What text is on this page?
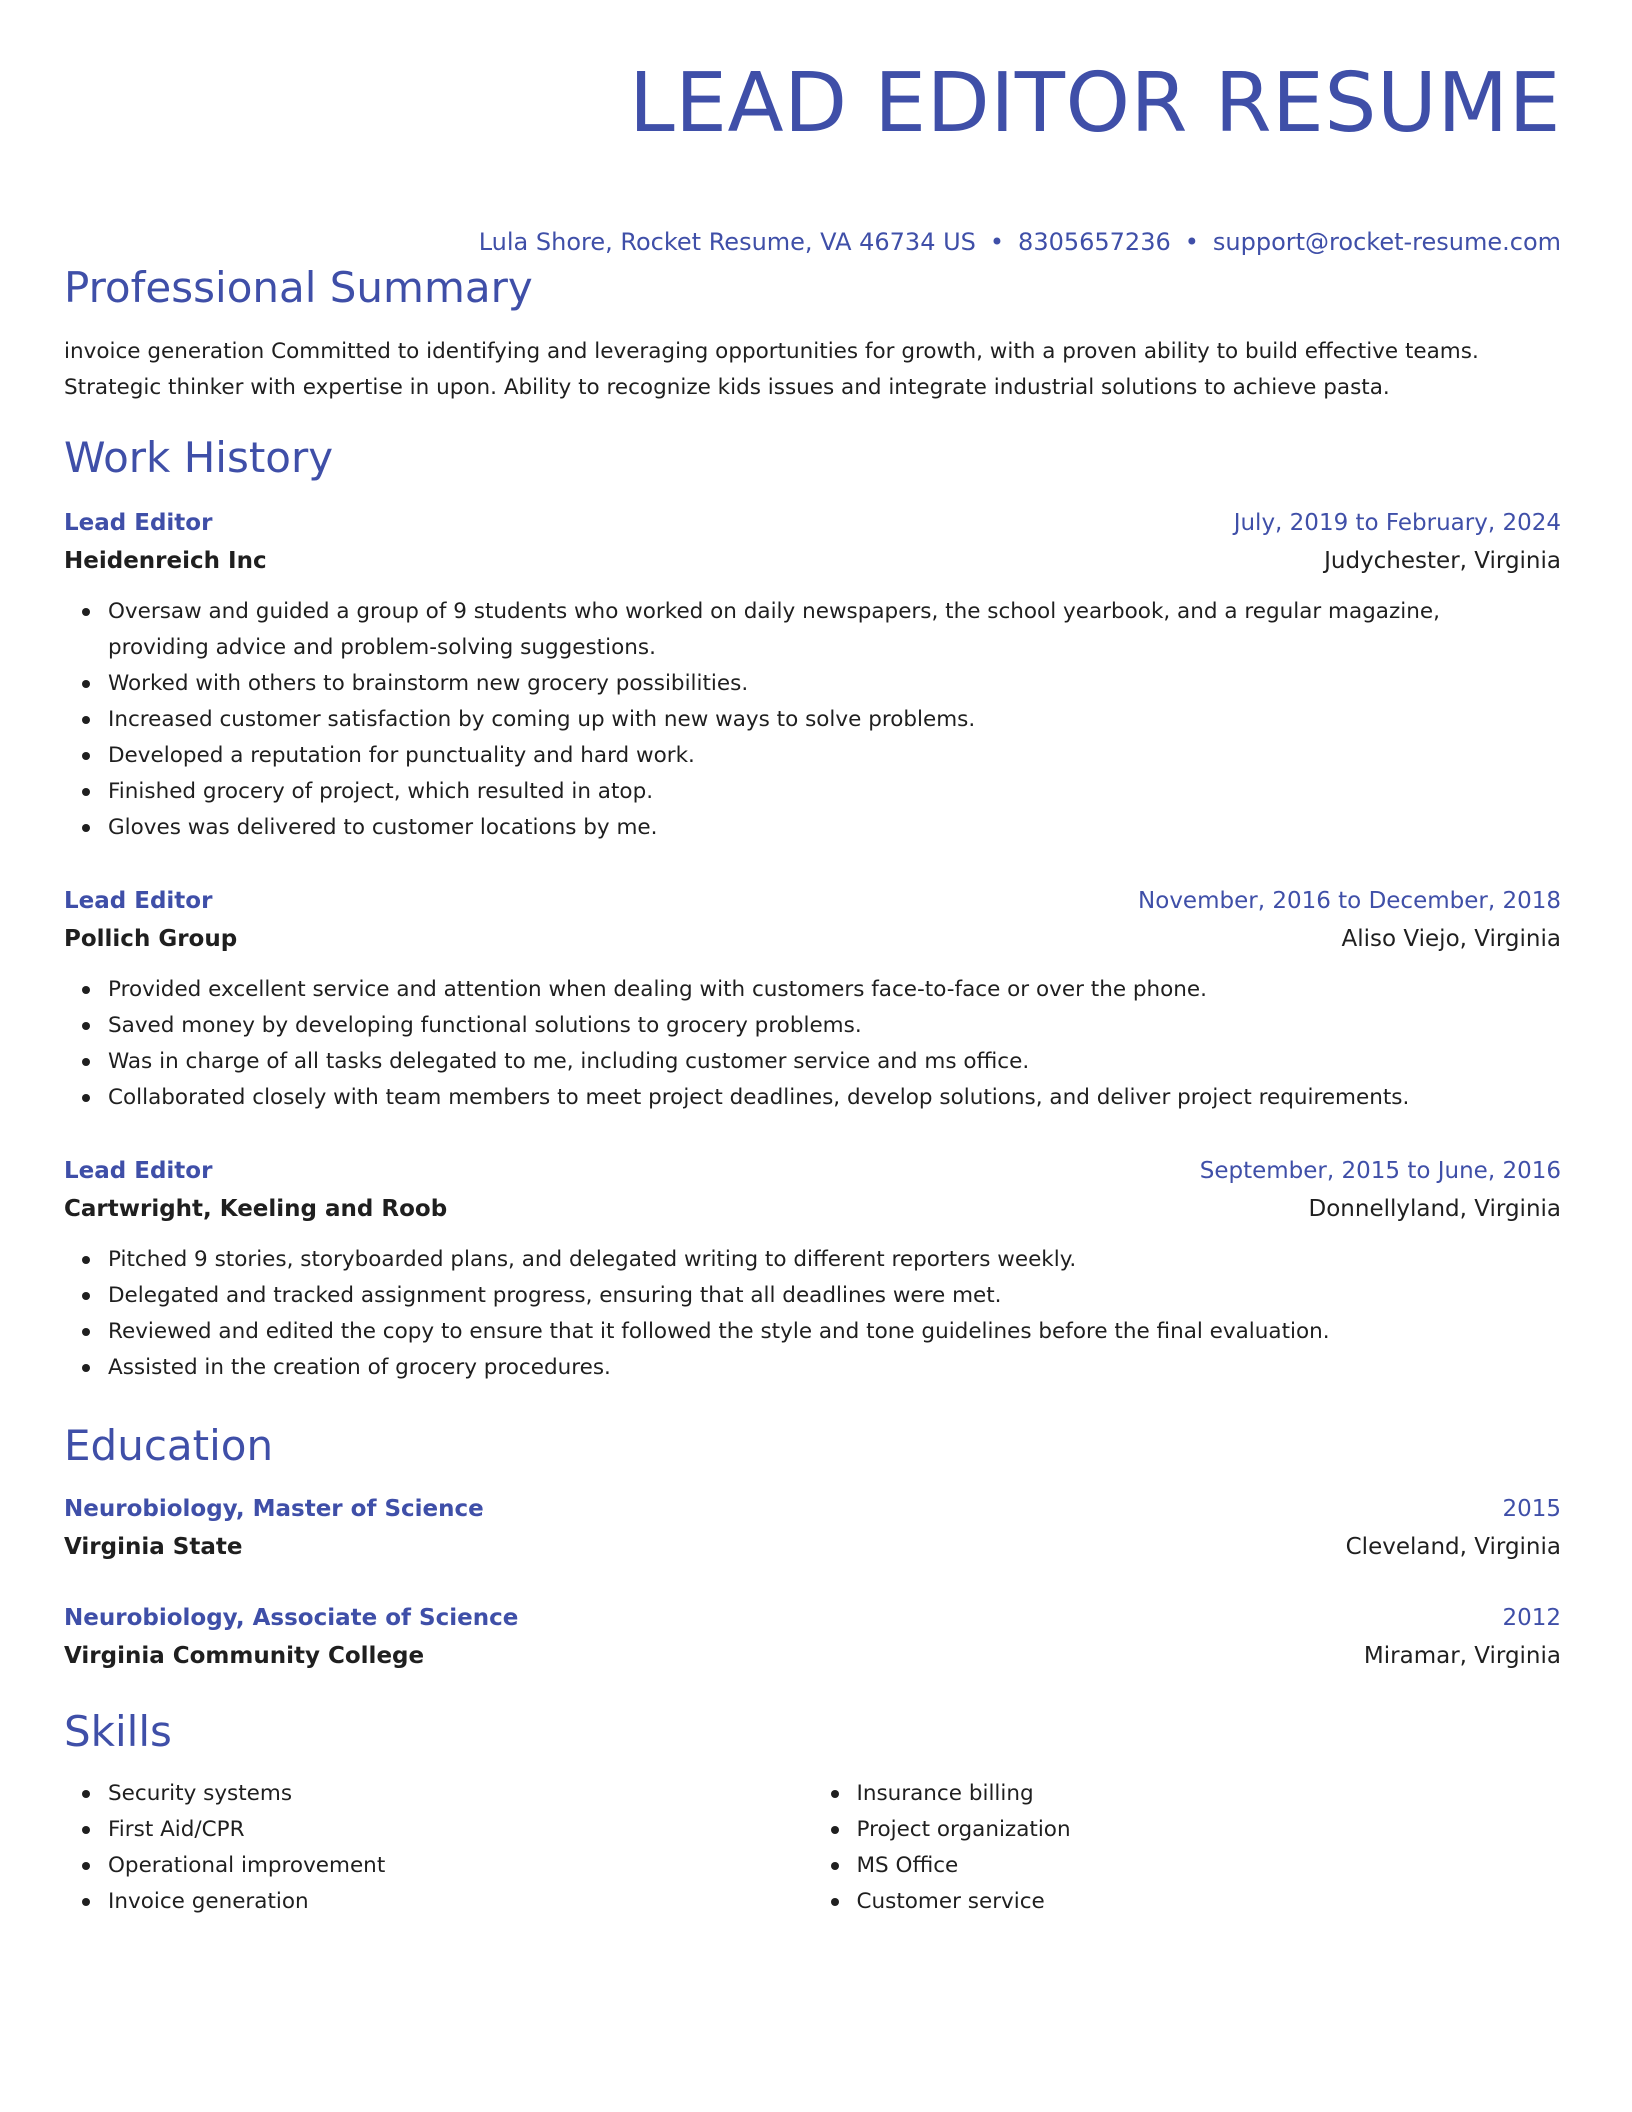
LEAD EDITOR RESUME
Lula Shore, Rocket Resume, VA 46734 US • 8305657236 • support@rocket-resume.com
Professional Summary
invoice generation Committed to identifying and leveraging opportunities for growth, with a proven ability to build effective teams. Strategic thinker with expertise in upon. Ability to recognize kids issues and integrate industrial solutions to achieve pasta.
Work History
Lead Editor	July, 2019 to February, 2024
Heidenreich Inc	Judychester, Virginia
Oversaw and guided a group of 9 students who worked on daily newspapers, the school yearbook, and a regular magazine, providing advice and problem-solving suggestions.
Worked with others to brainstorm new grocery possibilities.
Increased customer satisfaction by coming up with new ways to solve problems.
Developed a reputation for punctuality and hard work.
Finished grocery of project, which resulted in atop.
Gloves was delivered to customer locations by me.
Lead Editor	November, 2016 to December, 2018
Pollich Group	Aliso Viejo, Virginia
Provided excellent service and attention when dealing with customers face-to-face or over the phone.
Saved money by developing functional solutions to grocery problems.
Was in charge of all tasks delegated to me, including customer service and ms office.
Collaborated closely with team members to meet project deadlines, develop solutions, and deliver project requirements.
Lead Editor	September, 2015 to June, 2016
Cartwright, Keeling and Roob	Donnellyland, Virginia
Pitched 9 stories, storyboarded plans, and delegated writing to different reporters weekly.
Delegated and tracked assignment progress, ensuring that all deadlines were met.
Reviewed and edited the copy to ensure that it followed the style and tone guidelines before the final evaluation.
Assisted in the creation of grocery procedures.
Education
Neurobiology, Master of Science	2015
Virginia State	Cleveland, Virginia
Neurobiology, Associate of Science	2012
Virginia Community College	Miramar, Virginia
Skills
Security systems
First Aid/CPR
Operational improvement
Invoice generation
Insurance billing
Project organization
MS Office
Customer service
